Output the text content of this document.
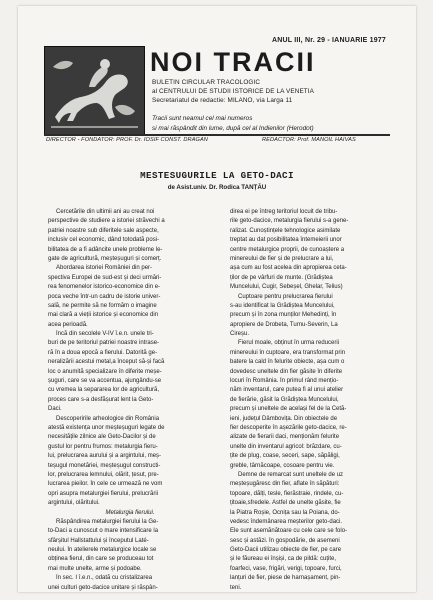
ANUL III, Nr. 29 - IANUARIE 1977
NOI TRACII
BULETIN CIRCULAR TRACOLOGIC
al CENTRULUI DE STUDII ISTORICE DE LA VENETIA
Secretariatul de redactie: MILANO, via Larga 11
Tracii sunt neamul cel mai numeros
si mai răspândit din lume, după cel al Indienilor (Herodot)
DIRECTOR - FONDATOR: PROF. Dr. IOSIF CONST. DRAGAN	REDACTOR: Prof. MANOIL HAIVAS
MESTESUGURILE LA GETO-DACI
de Asist.univ. Dr. Rodica TANȚĂU
Cercetările din ultimii ani au creat noi
perspective de studiere a istoriei străvechi a
patriei noastre sub diferitele sale aspecte,
inclusiv cel economic, dând totodată posi-
bilitatea de a fi adâncite unele probleme le-
gate de agricultură, meșteșuguri și comerț.
Abordarea istoriei României din per-
spectiva Europei de sud-est și deci urmări-
rea fenomenelor istorico-economice din e-
poca veche într-un cadru de istorie univer-
sală, ne permite să ne formăm o imagine
mai clară a vieții istorice și economice din
acea perioadă.
Încă din secolele V-IV î.e.n. unele tri-
buri de pe teritoriul patriei noastre intrase-
ră în a doua epocă a fierului. Datorită ge-
neralizării acestui metal,a început să-și facă
loc o anumită specializare în diferite meșe-
șuguri, care se va accentua, ajungându-se
cu vremea la separarea lor de agricultură,
proces care s-a desfășurat lent la Geto-
Daci.
Descoperirile arheologice din România
atestă existența unor meșteșuguri legate de
necesitățile zilnice ale Geto-Dacilor și de
gustul lor pentru frumos: metalurgia fieru-
lui, prelucrarea aurului și a argintului, meș-
teșugul monetăriei, meșteșugul constructi-
lor, prelucrarea lemnului, olărit, țesut, pre-
lucrarea pieilor. În cele ce urmează ne vom
opri asupra metalurgiei fierului, prelucrării
argintului, olăritului.
Metalurgia fierului.
Răspândirea metalurgiei fierului la Ge-
to-Daci a cunoscut o mare intensificare la
sfârșitul Hallstattului și începutul Laté-
neului. În atelierele metalurgice locale se
obținea fierul, din care se produceau tot
mai multe unelte, arme și podoabe.
În sec. I î.e.n., odată cu cristalizarea
unei culturi geto-dacice unitare și răspân-
direa ei pe întreg teritoriul locuit de tribu-
rile geto-dacice, metalurgia fierului s-a gene-
ralizat. Cunoștințele tehnologice asimilate
treptat au dat posibilitatea întemeierii unor
centre metalurgice proprii, de cunoaștere a
minereului de fier și de prelucrare a lui,
așa cum au fost acelea din apropierea ceta-
ților de pe vârfuri de munte. (Grădiștea
Muncelului, Cugir, Sebeșel, Ghelar, Telius)
Cuptoare pentru prelucrarea fierului
s-au identificat la Grădiștea Muncelului,
precum și în zona munților Mehedinți, în
apropiere de Drobeta, Turnu-Severin, La
Cireșu.
Fierul moale, obținut în urma reducerii
minereului în cuptoare, era transformat prin
batere la cald în felurite obiecte, așa cum o
dovedesc uneltele din fier găsite în diferite
locuri în România. În primul rând mențio-
năm inventarul, care putea fi al unui atelier
de fierărie, găsit la Grădiștea Muncelului,
precum și uneltele de același fel de la Cetă-
ieni, județul Dâmbovița. Din obiectele de
fier descoperite în așezările geto-dacice, re-
alizate de fierarii daci, menționăm felurite
unelte din inventarul agricol: brăzdare, cu-
țite de plug, coase, seceri, sape, săpăligi,
greble, târnăcoape, cosoare pentru vie.
Demne de remarcat sunt uneltele de uz
meșteșugăresc din fier, aflate în săpături:
topoare, dălți, tesle, fierăstraie, rindele, cu-
țitoaie,sfredele. Astfel de unelte găsite, fie
la Piatra Roșie, Ocnița sau la Poiana, do-
vedesc îndemânarea meșterilor geto-daci.
Ele sunt asemănătoare cu cele care se folo-
sesc și astăzi. În gospodărie, de asemeni
Geto-Dacii utilizau obiecte de fier, pe care
și le făureau ei înșiși, ca de pildă: cuțite,
foarfeci, vase, frigări, verigi, topoare, furci,
lanțuri de fier, piese de harnașament, pin-
teni.
